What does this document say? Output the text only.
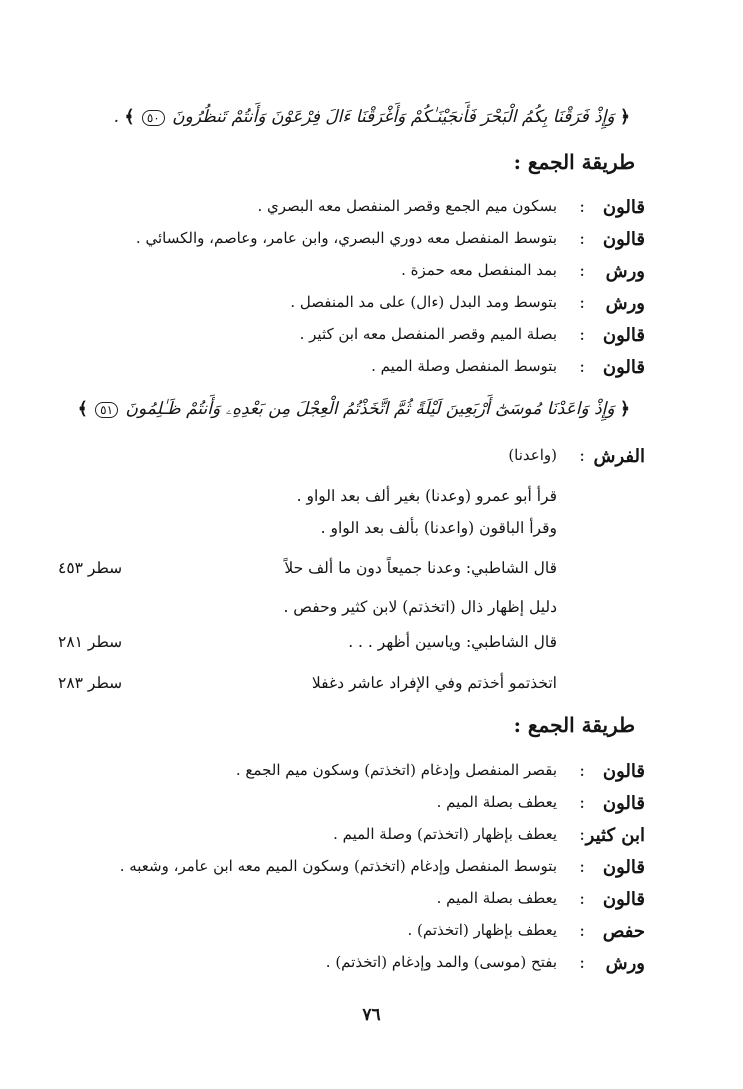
﴿ وَإِذْ فَرَقْنَا بِكُمُ الْبَحْرَ فَأَنجَيْنَـٰكُمْ وَأَغْرَقْنَا ءَالَ فِرْعَوْنَ وَأَنتُمْ تَنظُرُونَ ٥٠ ﴾ .
طريقة الجمع :
قالون
:
بسكون ميم الجمع وقصر المنفصل معه البصري .
قالون
:
بتوسط المنفصل معه دوري البصري، وابن عامر، وعاصم، والكسائي .
ورش
:
بمد المنفصل معه حمزة .
ورش
:
بتوسط ومد البدل (ءال) على مد المنفصل .
قالون
:
بصلة الميم وقصر المنفصل معه ابن كثير .
قالون
:
بتوسط المنفصل وصلة الميم .
﴿ وَإِذْ وَاعَدْنَا مُوسَىٰٓ أَرْبَعِينَ لَيْلَةً ثُمَّ اتَّخَذْتُمُ الْعِجْلَ مِن بَعْدِهِۦ وَأَنتُمْ ظَـٰلِمُونَ ٥١ ﴾
الفرش
:
(واعدنا)
قرأ أبو عمرو (وعدنا) بغير ألف بعد الواو .
وقرأ الباقون (واعدنا) بألف بعد الواو .
قال الشاطبي: وعدنا جميعاً دون ما ألف حلاً
سطر ٤٥٣
دليل إظهار ذال (اتخذتم) لابن كثير وحفص .
قال الشاطبي: وياسين أظهر . . .
سطر ٢٨١
اتخذتمو أخذتم وفي الإفراد عاشر دغفلا
سطر ٢٨٣
طريقة الجمع :
قالون
:
بقصر المنفصل وإدغام (اتخذتم) وسكون ميم الجمع .
قالون
:
يعطف بصلة الميم .
ابن كثير
:
يعطف بإظهار (اتخذتم) وصلة الميم .
قالون
:
بتوسط المنفصل وإدغام (اتخذتم) وسكون الميم معه ابن عامر، وشعبه .
قالون
:
يعطف بصلة الميم .
حفص
:
يعطف بإظهار (اتخذتم) .
ورش
:
بفتح (موسى) والمد وإدغام (اتخذتم) .
٧٦
